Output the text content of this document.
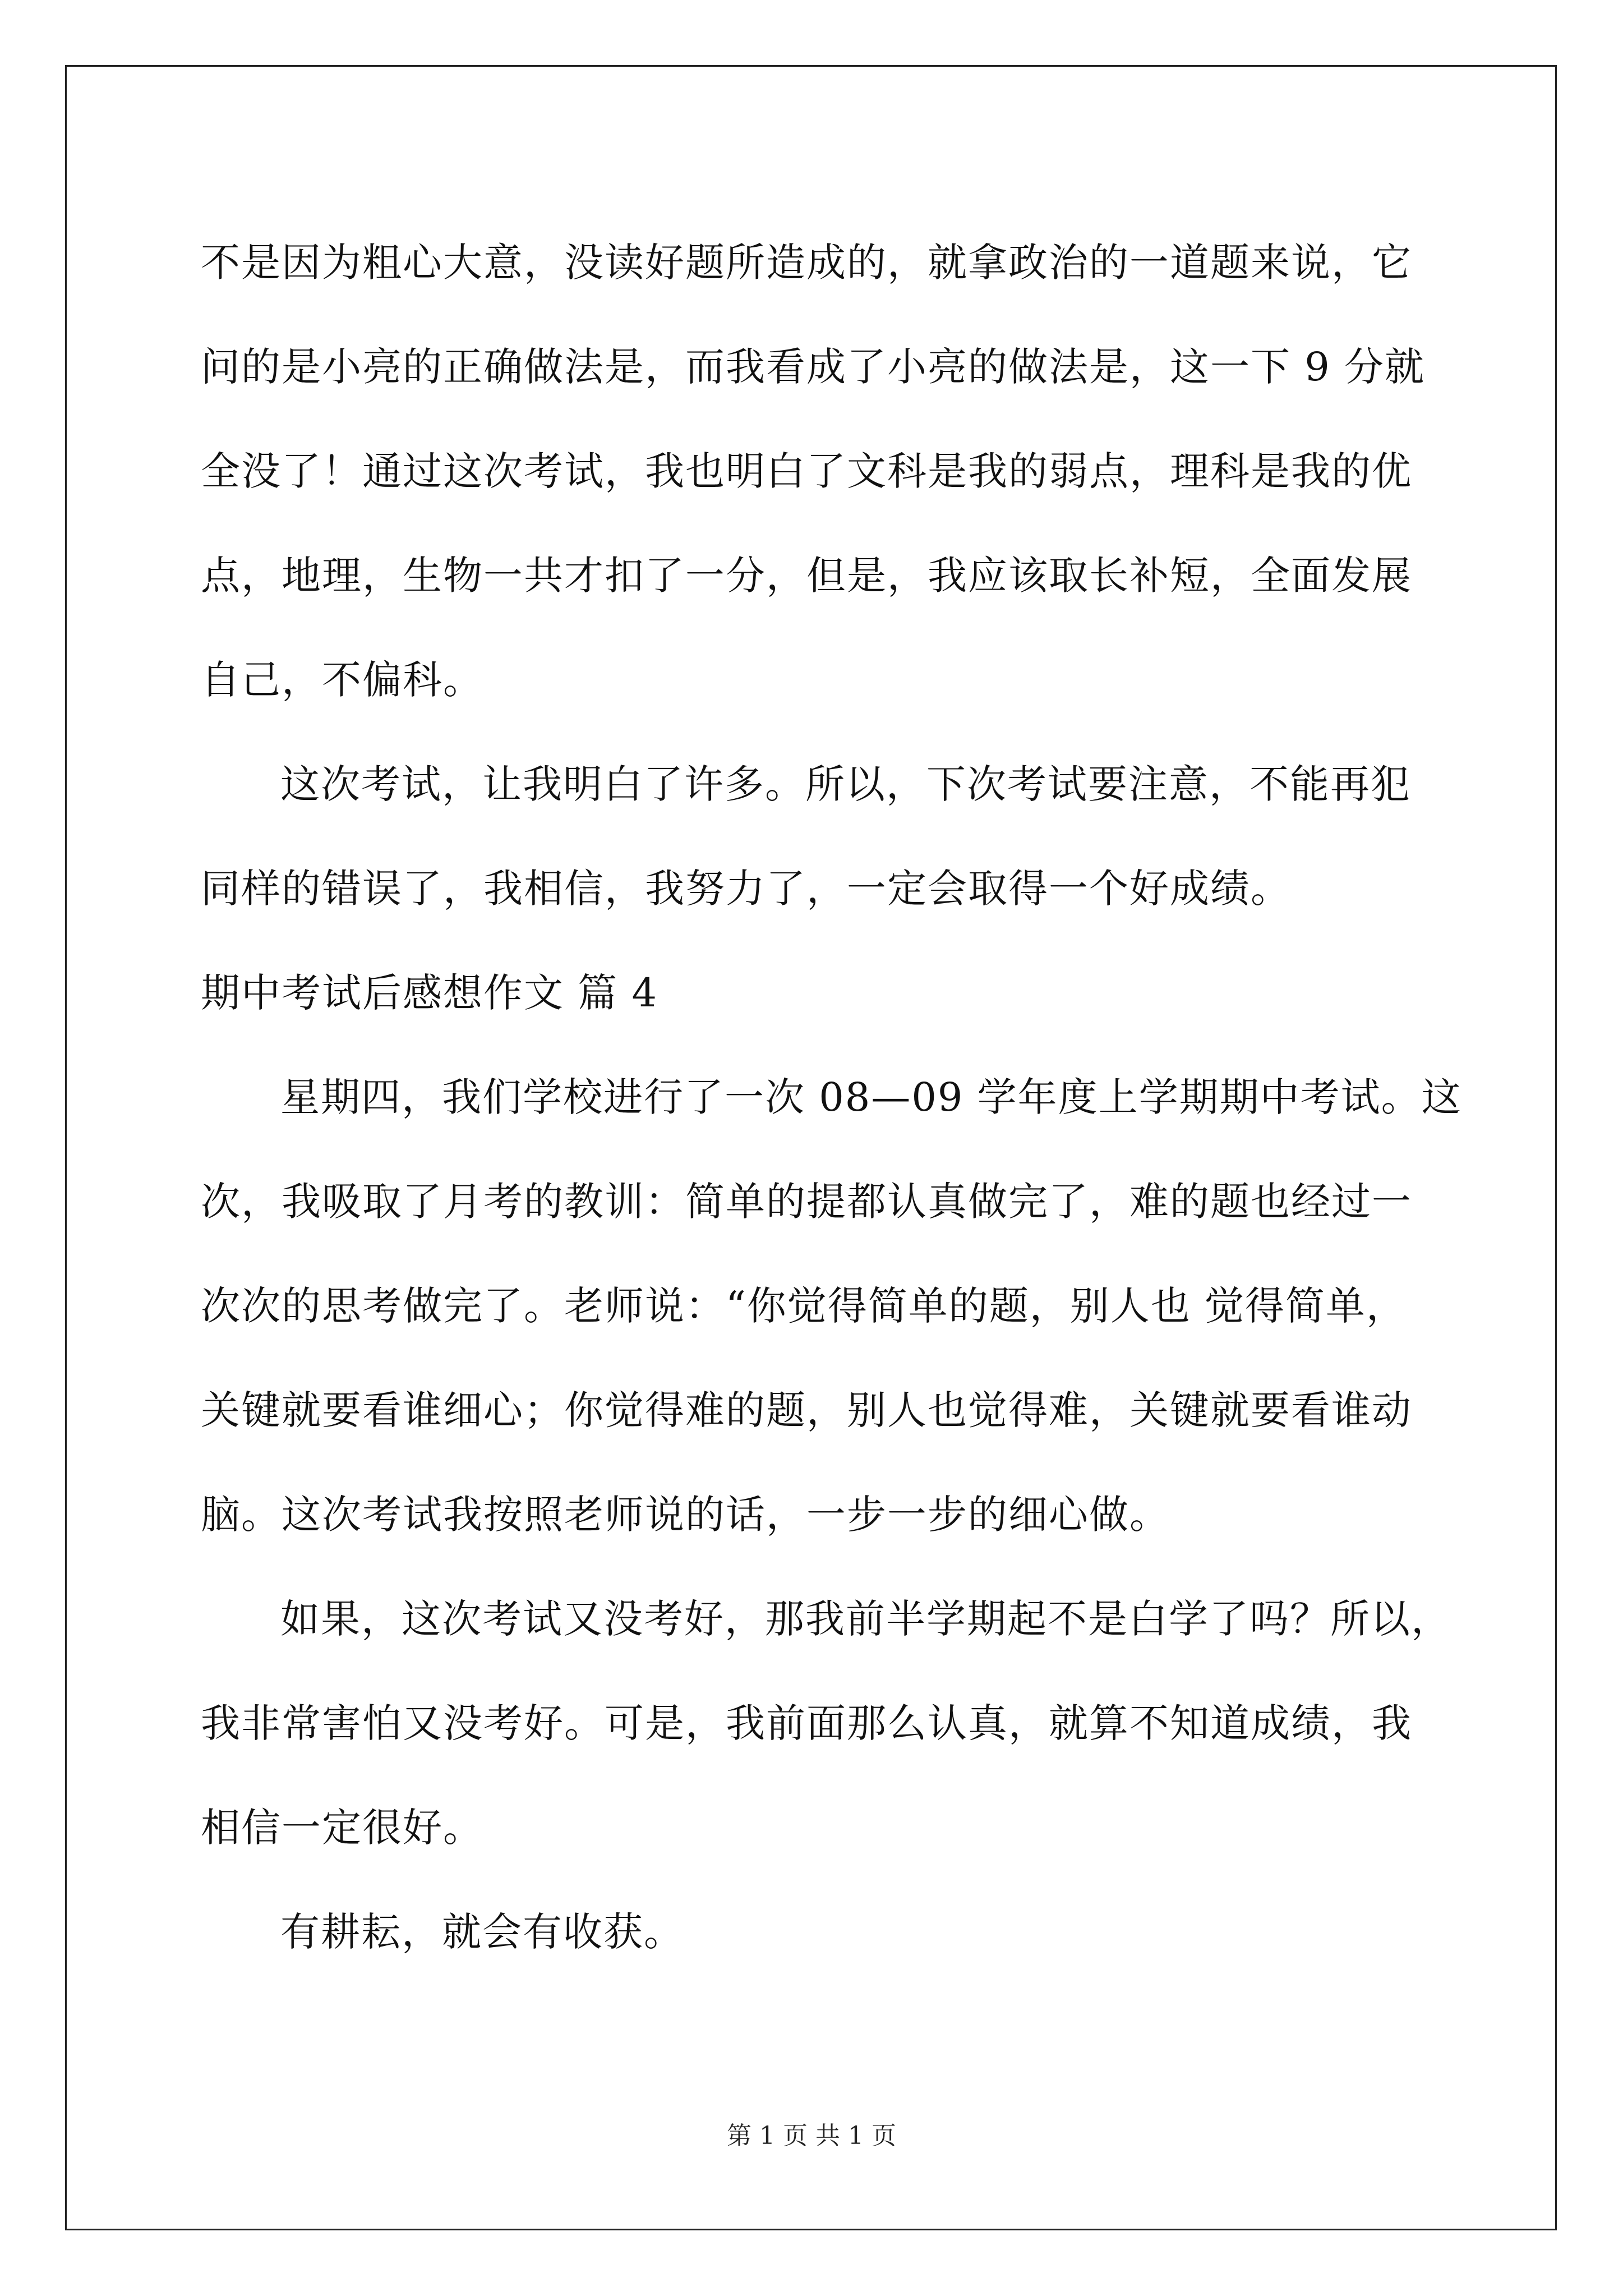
不是因为粗心大意，没读好题所造成的，就拿政治的一道题来说，它
问的是小亮的正确做法是，而我看成了小亮的做法是，这一下 9 分就
全没了！通过这次考试，我也明白了文科是我的弱点，理科是我的优
点，地理，生物一共才扣了一分，但是，我应该取长补短，全面发展
自己，不偏科。
这次考试，让我明白了许多。所以，下次考试要注意，不能再犯
同样的错误了，我相信，我努力了，一定会取得一个好成绩。
期中考试后感想作文 篇 4
星期四，我们学校进行了一次 08—09 学年度上学期期中考试。这
次，我吸取了月考的教训：简单的提都认真做完了，难的题也经过一
次次的思考做完了。老师说：“你觉得简单的题，别人也 觉得简单，
关键就要看谁细心；你觉得难的题，别人也觉得难，关键就要看谁动
脑。这次考试我按照老师说的话，一步一步的细心做。
如果，这次考试又没考好，那我前半学期起不是白学了吗？所以，
我非常害怕又没考好。可是，我前面那么认真，就算不知道成绩，我
相信一定很好。
有耕耘，就会有收获。
第 1 页 共 1 页
